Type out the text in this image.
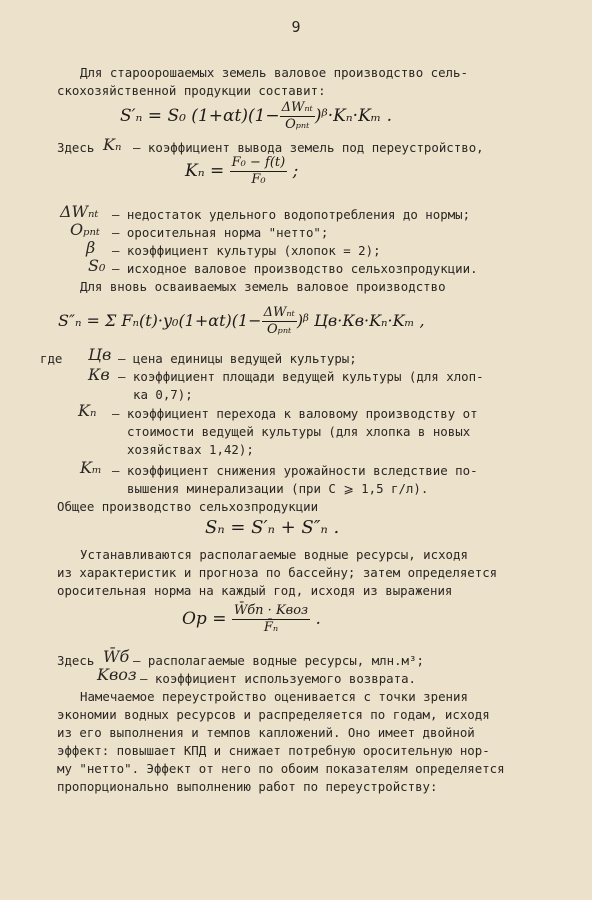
9
Для староорошаемых земель валовое производство сель-
скохозяйственной продукции составит:
S′ₙ = S₀ $(1+\alpha t)(1- \frac{\text{ΔWₙₜ}}{\text{Oₚₙₜ}}$ )ᵝ·Kₙ·Kₘ .
Здесь Kₙ – коэффициент вывода земель под переустройство,
$K_n = \frac{\text{F₀ − f(t)}}{\text{F₀}}$ ;
ΔWₙₜ – недостаток удельного водопотребления до нормы;
Oₚₙₜ – оросительная норма "нетто";
β – коэффициент культуры (хлопок = 2);
S₀ – исходное валовое производство сельхозпродукции.
Для вновь осваиваемых земель валовое производство
S″ₙ = Σ $F_n(t)\cdot y_0(1+\alpha t)(1- \frac{\text{ΔWₙₜ}}{\text{Oₚₙₜ}}$ )ᵝ Цв·Кв·Kₙ·Kₘ ,
где Цв – цена единицы ведущей культуры;
Кв – коэффициент площади ведущей культуры (для хлоп-
ка 0,7);
Kₙ – коэффициент перехода к валовому производству от
стоимости ведущей культуры (для хлопка в новых
хозяйствах 1,42);
Kₘ – коэффициент снижения урожайности вследствие по-
вышения минерализации (при C ⩾ 1,5 г/л).
Общее производство сельхозпродукции
Sₙ = S′ₙ + S″ₙ .
Устанавливаются располагаемые водные ресурсы, исходя
из характеристик и прогноза по бассейну; затем определяется
оросительная норма на каждый год, исходя из выражения
Oр = $\frac{\text{W̄бп · Kвоз}}{\text{F̄ₙ}}$ .
Здесь W̄б – располагаемые водные ресурсы, млн.м³;
Kвоз – коэффициент используемого возврата.
Намечаемое переустройство оценивается с точки зрения
экономии водных ресурсов и распределяется по годам, исходя
из его выполнения и темпов капложений. Оно имеет двойной
эффект: повышает КПД и снижает потребную оросительную нор-
му "нетто". Эффект от него по обоим показателям определяется
пропорционально выполнению работ по переустройству:
